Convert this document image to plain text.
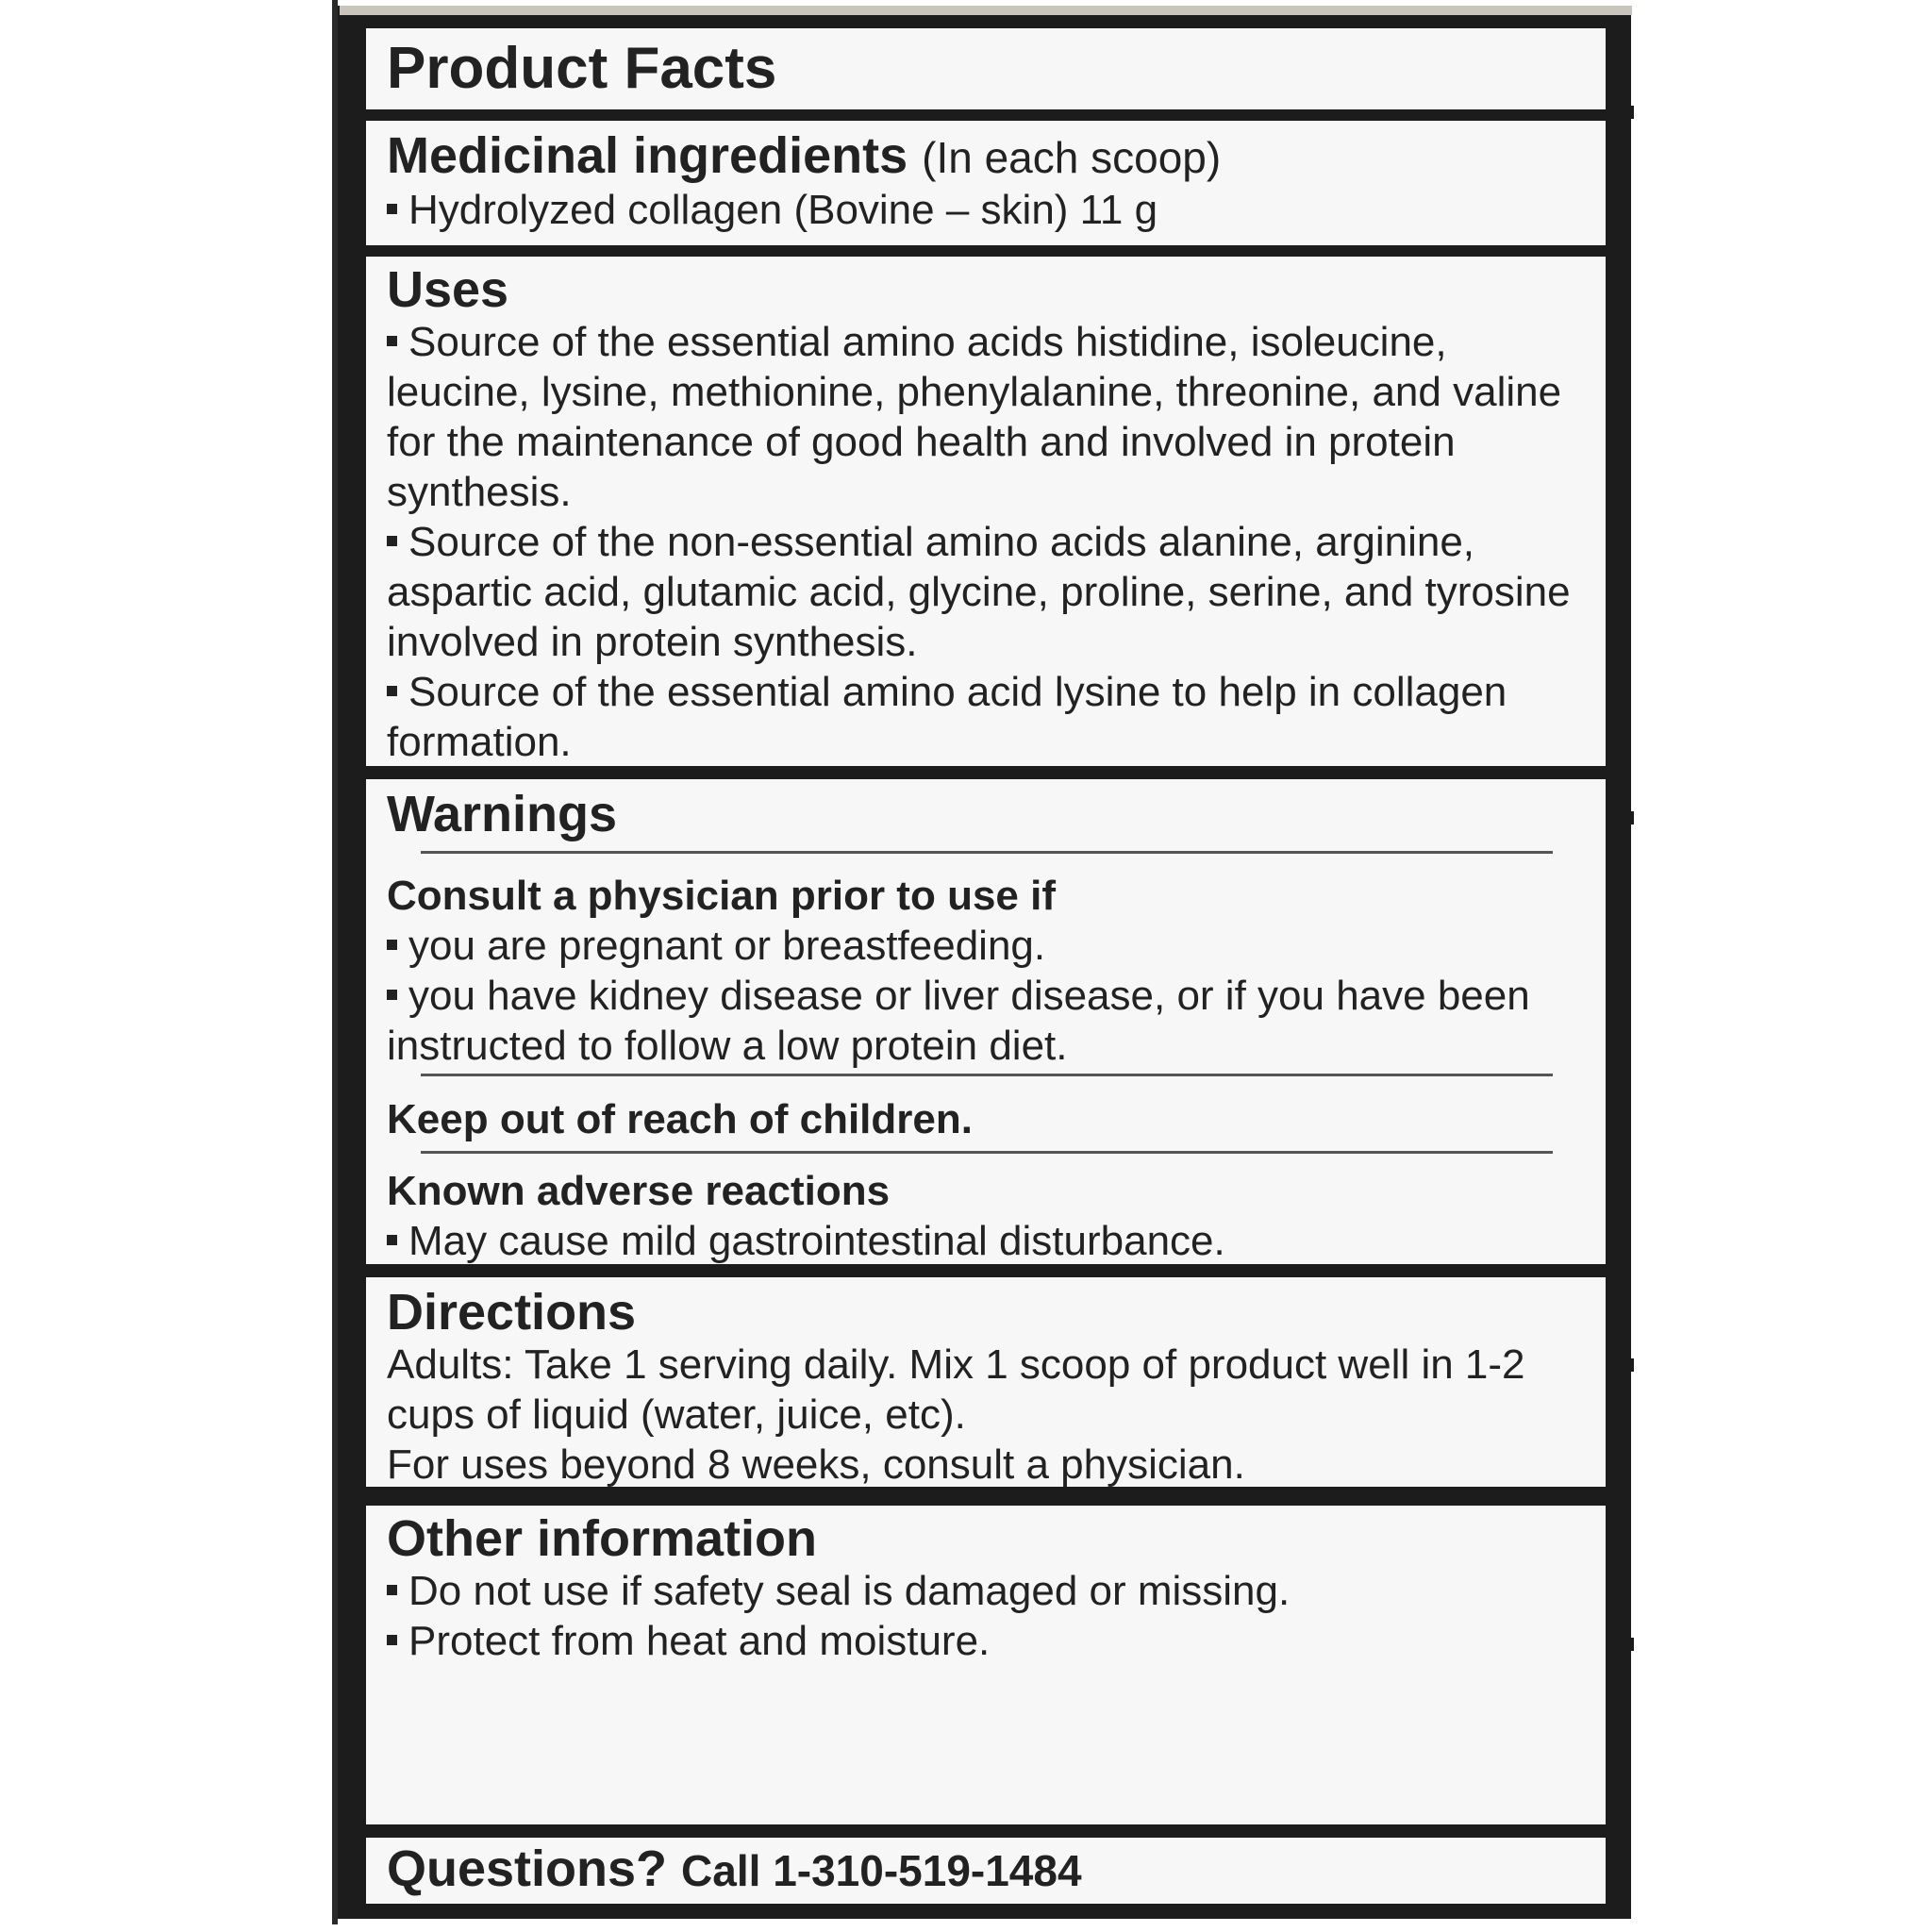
Product Facts

Medicinal ingredients (In each scoop)

Hydrolyzed collagen (Bovine – skin) 11 g

Uses

Source of the essential amino acids histidine, isoleucine, leucine, lysine, methionine, phenylalanine, threonine, and valine for the maintenance of good health and involved in protein synthesis.

Source of the non-essential amino acids alanine, arginine, aspartic acid, glutamic acid, glycine, proline, serine, and tyrosine involved in protein synthesis.

Source of the essential amino acid lysine to help in collagen formation.

Warnings

Consult a physician prior to use if

you are pregnant or breastfeeding.

you have kidney disease or liver disease, or if you have been instructed to follow a low protein diet.

Keep out of reach of children.

Known adverse reactions

May cause mild gastrointestinal disturbance.

Directions

Adults: Take 1 serving daily. Mix 1 scoop of product well in 1-2 cups of liquid (water, juice, etc).

For uses beyond 8 weeks, consult a physician.

Other information

Do not use if safety seal is damaged or missing.

Protect from heat and moisture.

Questions? Call 1-310-519-1484
